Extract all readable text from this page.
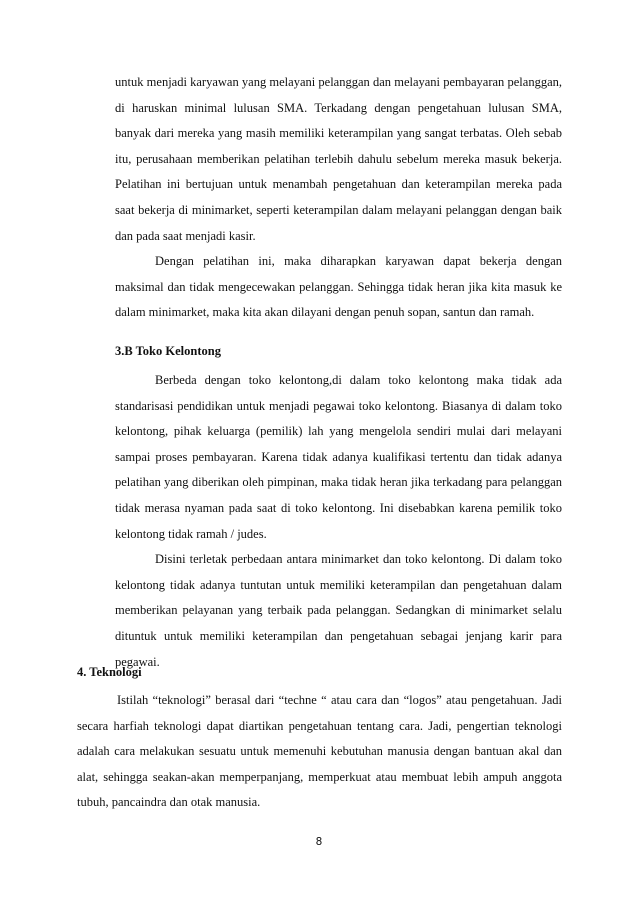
untuk menjadi karyawan yang melayani pelanggan dan melayani pembayaran pelanggan, di haruskan minimal lulusan SMA. Terkadang dengan pengetahuan lulusan SMA, banyak dari mereka yang masih memiliki keterampilan yang sangat terbatas. Oleh sebab itu, perusahaan memberikan pelatihan terlebih dahulu sebelum mereka masuk bekerja. Pelatihan ini bertujuan untuk menambah pengetahuan dan keterampilan mereka pada saat bekerja di minimarket, seperti keterampilan dalam melayani pelanggan dengan baik dan pada saat menjadi kasir.

Dengan pelatihan ini, maka diharapkan karyawan dapat bekerja dengan maksimal dan tidak mengecewakan pelanggan. Sehingga tidak heran jika kita masuk ke dalam minimarket, maka kita akan dilayani dengan penuh sopan, santun dan ramah.

3.B Toko Kelontong

Berbeda dengan toko kelontong,di dalam toko kelontong maka tidak ada standarisasi pendidikan untuk menjadi pegawai toko kelontong. Biasanya di dalam toko kelontong, pihak keluarga (pemilik) lah yang mengelola sendiri mulai dari melayani sampai proses pembayaran. Karena tidak adanya kualifikasi tertentu dan tidak adanya pelatihan yang diberikan oleh pimpinan, maka tidak heran jika terkadang para pelanggan tidak merasa nyaman pada saat di toko kelontong. Ini disebabkan karena pemilik toko kelontong tidak ramah / judes.

Disini terletak perbedaan antara minimarket dan toko kelontong. Di dalam toko kelontong tidak adanya tuntutan untuk memiliki keterampilan dan pengetahuan dalam memberikan pelayanan yang terbaik pada pelanggan. Sedangkan di minimarket selalu dituntuk untuk memiliki keterampilan dan pengetahuan sebagai jenjang karir para pegawai.

4. Teknologi

Istilah “teknologi” berasal dari “techne “ atau cara dan “logos” atau pengetahuan. Jadi secara harfiah teknologi dapat diartikan pengetahuan tentang cara. Jadi, pengertian teknologi adalah cara melakukan sesuatu untuk memenuhi kebutuhan manusia dengan bantuan akal dan alat, sehingga seakan-akan memperpanjang, memperkuat atau membuat lebih ampuh anggota tubuh, pancaindra dan otak manusia.

8
